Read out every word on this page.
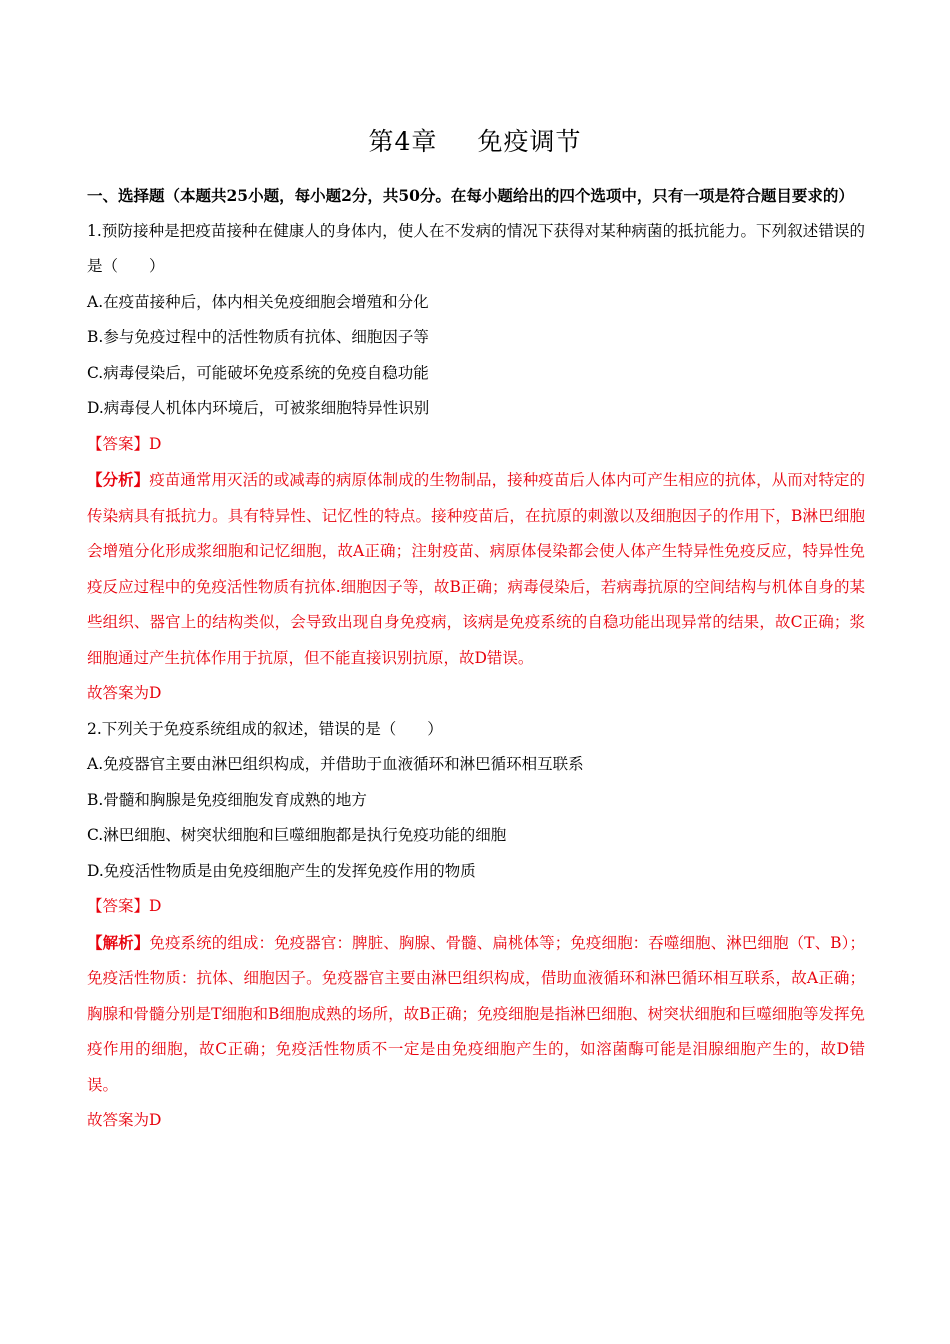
第4章 免疫调节

一、选择题（本题共25小题，每小题2分，共50分。在每小题给出的四个选项中，只有一项是符合题目要求的）

1.预防接种是把疫苗接种在健康人的身体内，使人在不发病的情况下获得对某种病菌的抵抗能力。下列叙述错误的是（　　）

A.在疫苗接种后，体内相关免疫细胞会增殖和分化

B.参与免疫过程中的活性物质有抗体、细胞因子等

C.病毒侵染后，可能破坏免疫系统的免疫自稳功能

D.病毒侵人机体内环境后，可被浆细胞特异性识别

【答案】D

【分析】疫苗通常用灭活的或减毒的病原体制成的生物制品，接种疫苗后人体内可产生相应的抗体，从而对特定的传染病具有抵抗力。具有特异性、记忆性的特点。接种疫苗后，在抗原的刺激以及细胞因子的作用下，B淋巴细胞会增殖分化形成浆细胞和记忆细胞，故A正确；注射疫苗、病原体侵染都会使人体产生特异性免疫反应，特异性免疫反应过程中的免疫活性物质有抗体.细胞因子等，故B正确；病毒侵染后，若病毒抗原的空间结构与机体自身的某些组织、器官上的结构类似，会导致出现自身免疫病，该病是免疫系统的自稳功能出现异常的结果，故C正确；浆细胞通过产生抗体作用于抗原，但不能直接识别抗原，故D错误。

故答案为D

2.下列关于免疫系统组成的叙述，错误的是（　　）

A.免疫器官主要由淋巴组织构成，并借助于血液循环和淋巴循环相互联系

B.骨髓和胸腺是免疫细胞发育成熟的地方

C.淋巴细胞、树突状细胞和巨噬细胞都是执行免疫功能的细胞

D.免疫活性物质是由免疫细胞产生的发挥免疫作用的物质

【答案】D

【解析】免疫系统的组成：免疫器官：脾脏、胸腺、骨髓、扁桃体等；免疫细胞：吞噬细胞、淋巴细胞（T、B）；免疫活性物质：抗体、细胞因子。免疫器官主要由淋巴组织构成，借助血液循环和淋巴循环相互联系，故A正确；胸腺和骨髓分别是T细胞和B细胞成熟的场所，故B正确；免疫细胞是指淋巴细胞、树突状细胞和巨噬细胞等发挥免疫作用的细胞，故C正确；免疫活性物质不一定是由免疫细胞产生的，如溶菌酶可能是泪腺细胞产生的，故D错误。

故答案为D
